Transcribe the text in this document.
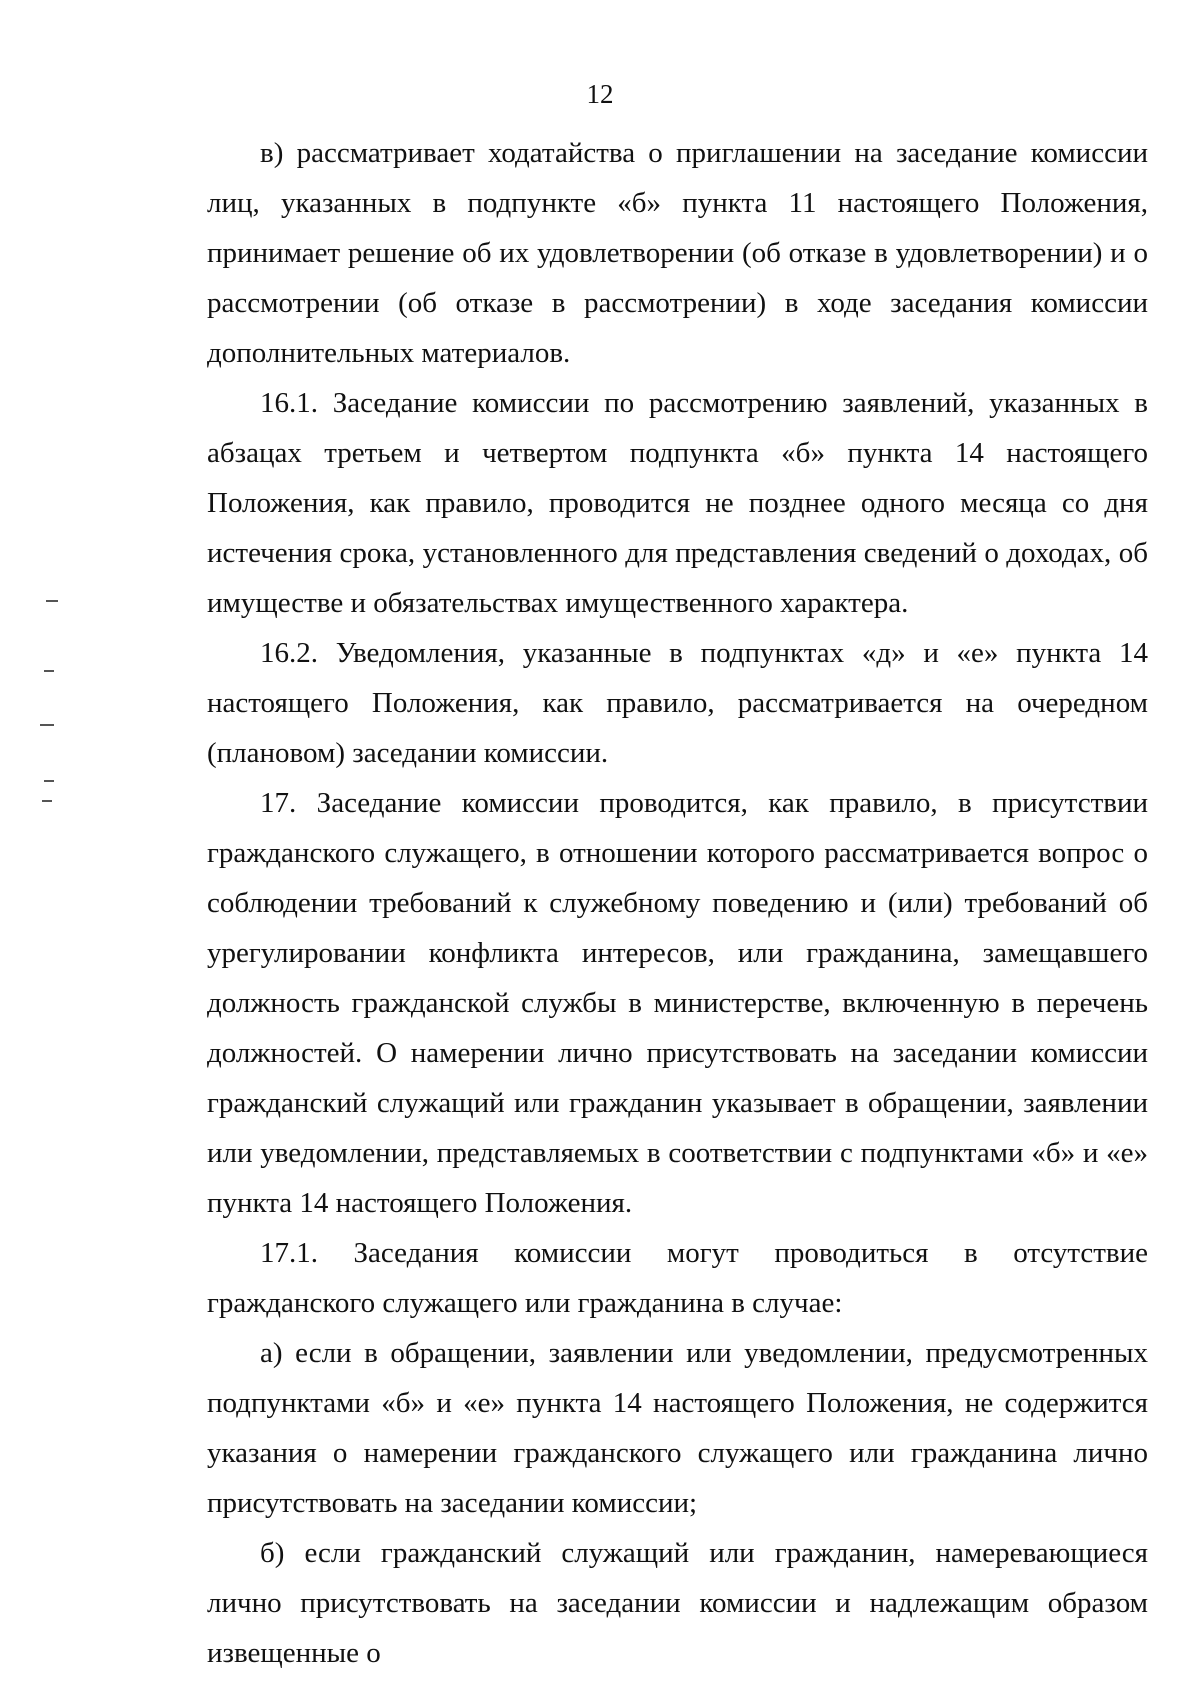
12

в) рассматривает ходатайства о приглашении на заседание комиссии лиц, указанных в подпункте «б» пункта 11 настоящего Положения, принимает решение об их удовлетворении (об отказе в удовлетворении) и о рассмотрении (об отказе в рассмотрении) в ходе заседания комиссии дополнительных материалов.

16.1. Заседание комиссии по рассмотрению заявлений, указанных в абзацах третьем и четвертом подпункта «б» пункта 14 настоящего Положения, как правило, проводится не позднее одного месяца со дня истечения срока, установленного для представления сведений о доходах, об имуществе и обязательствах имущественного характера.

16.2. Уведомления, указанные в подпунктах «д» и «е» пункта 14 настоящего Положения, как правило, рассматривается на очередном (плановом) заседании комиссии.

17. Заседание комиссии проводится, как правило, в присутствии гражданского служащего, в отношении которого рассматривается вопрос о соблюдении требований к служебному поведению и (или) требований об урегулировании конфликта интересов, или гражданина, замещавшего должность гражданской службы в министерстве, включенную в перечень должностей. О намерении лично присутствовать на заседании комиссии гражданский служащий или гражданин указывает в обращении, заявлении или уведомлении, представляемых в соответствии с подпунктами «б» и «е» пункта 14 настоящего Положения.

17.1. Заседания комиссии могут проводиться в отсутствие гражданского служащего или гражданина в случае:

а) если в обращении, заявлении или уведомлении, предусмотренных подпунктами «б» и «е» пункта 14 настоящего Положения, не содержится указания о намерении гражданского служащего или гражданина лично присутствовать на заседании комиссии;

б) если гражданский служащий или гражданин, намеревающиеся лично присутствовать на заседании комиссии и надлежащим образом извещенные о
